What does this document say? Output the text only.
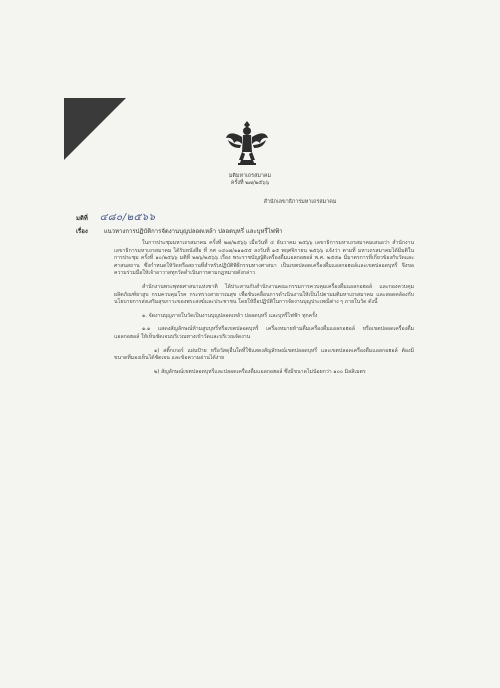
มติมหาเถรสมาคม
ครั้งที่ ๒๗/๒๕๖๖
สำนักเลขาธิการมหาเถรสมาคม
มติที่ ๔๘๐/๒๕๖๖
เรื่อง	แนวทางการปฏิบัติการจัดงานบุญปลอดเหล้า ปลอดบุหรี่ และบุหรี่ไฟฟ้า

ในการประชุมมหาเถรสมาคม ครั้งที่ ๒๗/๒๕๖๖ เมื่อวันที่ ๔ ธันวาคม ๒๕๖๖ เลขาธิการมหาเถรสมาคมเสนอว่า สำนักงานเลขาธิการมหาเถรสมาคม ได้รับหนังสือ ที่ กศ ๐๔๐๗/๑๑๑๕๕ ลงวันที่ ๑๕ พฤศจิกายน ๒๕๖๖ แจ้งว่า ตามที่ มหาเถรสมาคมได้มีมติในการประชุม ครั้งที่ ๑๐/๒๕๖๖ มติที่ ๒๒๖/๒๕๖๖ เรื่อง พระราชบัญญัติเครื่องดื่มแอลกอฮอล์ พ.ศ. ๒๕๕๑ มีมาตรการที่เกี่ยวข้องกับวัดและศาสนสถาน ซึ่งกำหนดให้วัดหรือสถานที่สำหรับปฏิบัติพิธีกรรมทางศาสนา เป็นเขตปลอดเครื่องดื่มแอลกอฮอล์และเขตปลอดบุหรี่ จึงขอความร่วมมือให้เจ้าอาวาสทุกวัดดำเนินการตามกฎหมายดังกล่าว

สำนักงานพระพุทธศาสนาแห่งชาติ ได้ประสานกับสำนักงานคณะกรรมการควบคุมเครื่องดื่มแอลกอฮอล์ และกองควบคุมผลิตภัณฑ์ยาสูบ กรมควบคุมโรค กระทรวงสาธารณสุข เพื่อขับเคลื่อนการดำเนินงานให้เป็นไปตามมติมหาเถรสมาคม และสอดคล้องกับนโยบายการส่งเสริมสุขภาวะของพระสงฆ์และประชาชน โดยให้ถือปฏิบัติในการจัดงานบุญประเพณีต่าง ๆ ภายในวัด ดังนี้

๑. จัดงานบุญภายในวัดเป็นงานบุญปลอดเหล้า ปลอดบุหรี่ และบุหรี่ไฟฟ้า ทุกครั้ง

๑.๑ แสดงสัญลักษณ์ห้ามสูบบุหรี่หรือเขตปลอดบุหรี่ เครื่องหมายห้ามดื่มเครื่องดื่มแอลกอฮอล์ หรือเขตปลอดเครื่องดื่มแอลกอฮอล์ ให้เห็นชัดเจนบริเวณทางเข้าวัดและบริเวณจัดงาน

๑) สติ๊กเกอร์ แผ่นป้าย หรือวัสดุอื่นใดที่ใช้แสดงสัญลักษณ์เขตปลอดบุหรี่ และเขตปลอดเครื่องดื่มแอลกอฮอล์ ต้องมีขนาดที่มองเห็นได้ชัดเจน และข้อความอ่านได้ง่าย

๒) สัญลักษณ์เขตปลอดบุหรี่และปลอดเครื่องดื่มแอลกอฮอล์ ซึ่งมีขนาดไม่น้อยกว่า ๑๐๐ มิลลิเมตร
